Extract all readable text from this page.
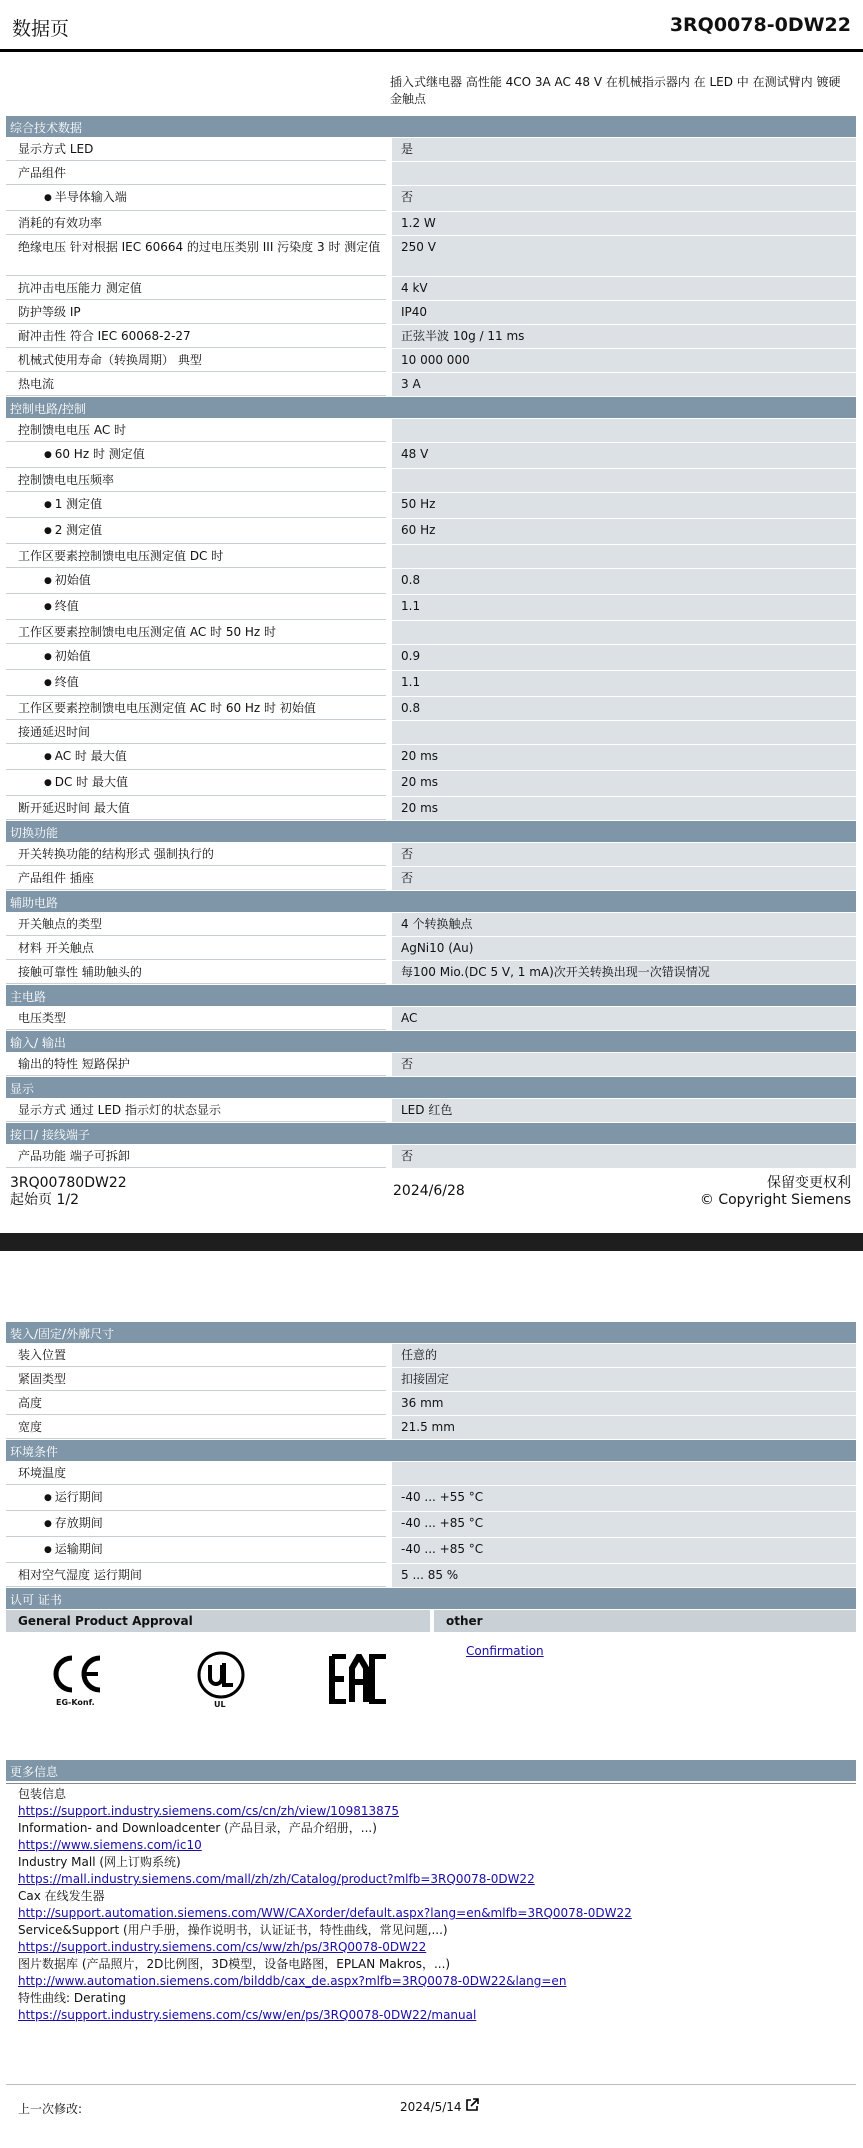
数据页	3RQ0078-0DW22
插入式继电器 高性能 4CO 3A AC 48 V 在机械指示器内 在 LED 中 在测试臂内 镀硬金触点
综合技术数据
显示方式 LED	是
产品组件
● 半导体输入端	否
消耗的有效功率	1.2 W
绝缘电压 针对根据 IEC 60664 的过电压类别 III 污染度 3 时 测定值	250 V
抗冲击电压能力 测定值	4 kV
防护等级 IP	IP40
耐冲击性 符合 IEC 60068-2-27	正弦半波 10g / 11 ms
机械式使用寿命（转换周期） 典型	10 000 000
热电流	3 A
控制电路/控制
控制馈电电压 AC 时
● 60 Hz 时 测定值	48 V
控制馈电电压频率
● 1 测定值	50 Hz
● 2 测定值	60 Hz
工作区要素控制馈电电压测定值 DC 时
● 初始值	0.8
● 终值	1.1
工作区要素控制馈电电压测定值 AC 时 50 Hz 时
● 初始值	0.9
● 终值	1.1
工作区要素控制馈电电压测定值 AC 时 60 Hz 时 初始值	0.8
接通延迟时间
● AC 时 最大值	20 ms
● DC 时 最大值	20 ms
断开延迟时间 最大值	20 ms
切换功能
开关转换功能的结构形式 强制执行的	否
产品组件 插座	否
辅助电路
开关触点的类型	4 个转换触点
材料 开关触点	AgNi10 (Au)
接触可靠性 辅助触头的	每100 Mio.(DC 5 V, 1 mA)次开关转换出现一次错误情况
主电路
电压类型	AC
输入/ 输出
输出的特性 短路保护	否
显示
显示方式 通过 LED 指示灯的状态显示	LED 红色
接口/ 接线端子
产品功能 端子可拆卸	否
3RQ00780DW22
起始页 1/2
2024/6/28	保留变更权利
© Copyright Siemens
装入/固定/外廓尺寸
装入位置	任意的
紧固类型	扣接固定
高度	36 mm
宽度	21.5 mm
环境条件
环境温度
● 运行期间	-40 ... +55 °C
● 存放期间	-40 ... +85 °C
● 运输期间	-40 ... +85 °C
相对空气湿度 运行期间	5 ... 85 %
认可 证书
General Product Approval	other
EG-Konf.	UL
Confirmation
更多信息
包装信息
https://support.industry.siemens.com/cs/cn/zh/view/109813875
Information- and Downloadcenter (产品目录，产品介绍册，...)
https://www.siemens.com/ic10
Industry Mall (网上订购系统)
https://mall.industry.siemens.com/mall/zh/zh/Catalog/product?mlfb=3RQ0078-0DW22
Cax 在线发生器
http://support.automation.siemens.com/WW/CAXorder/default.aspx?lang=en&mlfb=3RQ0078-0DW22
Service&Support (用户手册，操作说明书，认证证书，特性曲线，常见问题,...)
https://support.industry.siemens.com/cs/ww/zh/ps/3RQ0078-0DW22
图片数据库 (产品照片，2D比例图，3D模型，设备电路图，EPLAN Makros，...)
http://www.automation.siemens.com/bilddb/cax_de.aspx?mlfb=3RQ0078-0DW22&lang=en
特性曲线: Derating
https://support.industry.siemens.com/cs/ww/en/ps/3RQ0078-0DW22/manual
上一次修改:	2024/5/14
